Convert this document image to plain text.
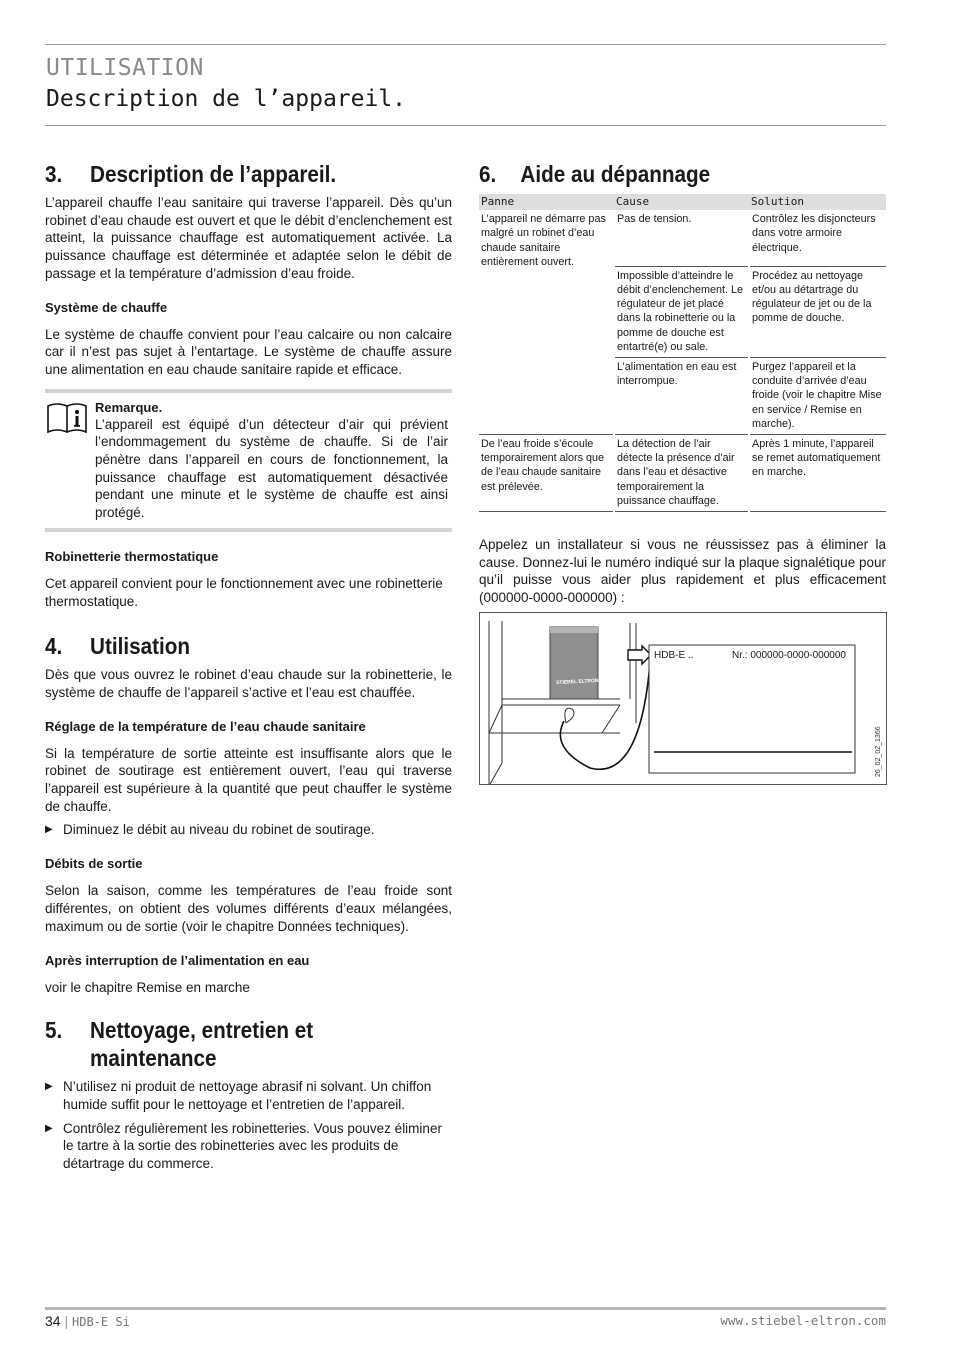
UTILISATION
Description de l’appareil.
3.	Description de l’appareil.

L’appareil chauffe l’eau sanitaire qui traverse l’appareil. Dès qu’un robinet d’eau chaude est ouvert et que le débit d’enclenchement est atteint, la puissance chauffage est automatiquement activée. La puissance chauffage est déterminée et adaptée selon le débit de passage et la température d’admission d’eau froide.

Système de chauffe

Le système de chauffe convient pour l’eau calcaire ou non calcaire car il n’est pas sujet à l’entartage. Le système de chauffe assure une alimentation en eau chaude sanitaire rapide et efficace.

Remarque.

L’appareil est équipé d’un détecteur d’air qui prévient l’endommagement du système de chauffe. Si de l’air pénètre dans l’appareil en cours de fonctionnement, la puissance chauffage est automatiquement désactivée pendant une minute et le système de chauffe est ainsi protégé.

Robinetterie thermostatique

Cet appareil convient pour le fonctionnement avec une robinetterie thermostatique.

4.	Utilisation

Dès que vous ouvrez le robinet d’eau chaude sur la robinetterie, le système de chauffe de l’appareil s’active et l’eau est chauffée.

Réglage de la température de l’eau chaude sanitaire

Si la température de sortie atteinte est insuffisante alors que le robinet de soutirage est entièrement ouvert, l’eau qui traverse l’appareil est supérieure à la quantité que peut chauffer le système de chauffe.

▶ Diminuez le débit au niveau du robinet de soutirage.
Débits de sortie

Selon la saison, comme les températures de l’eau froide sont différentes, on obtient des volumes différents d’eaux mélangées, maximum ou de sortie (voir le chapitre Données techniques).

Après interruption de l’alimentation en eau

voir le chapitre Remise en marche

5.	Nettoyage, entretien et
maintenance
▶ N’utilisez ni produit de nettoyage abrasif ni solvant. Un chiffon humide suffit pour le nettoyage et l’entretien de l’appareil.
▶ Contrôlez régulièrement les robinetteries. Vous pouvez éliminer le tartre à la sortie des robinetteries avec les produits de détartrage du commerce.
6.	Aide au dépannage
Panne	Cause	Solution
L’appareil ne démarre pas malgré un robinet d’eau chaude sanitaire entièrement ouvert.	Pas de tension.	Contrôlez les disjoncteurs dans votre armoire électrique.
	Impossible d’atteindre le débit d’enclenchement. Le régulateur de jet placé dans la robinetterie ou la pomme de douche est entartré(e) ou sale.	Procédez au nettoyage et/ou au détartrage du régulateur de jet ou de la pomme de douche.
	L’alimentation en eau est interrompue.	Purgez l’appareil et la conduite d’arrivée d’eau froide (voir le chapitre Mise en service / Remise en marche).
De l’eau froide s’écoule temporairement alors que de l’eau chaude sanitaire est prélevée.	La détection de l’air détecte la présence d’air dans l’eau et désactive temporairement la puissance chauffage.	Après 1 minute, l’appareil se remet automatiquement en marche.

Appelez un installateur si vous ne réussissez pas à éliminer la cause. Donnez-lui le numéro indiqué sur la plaque signalétique pour qu’il puisse vous aider plus rapidement et plus efficacement (000000-0000-000000) :

STIEBEL ELTRON
HDB-E ..	Nr.: 000000-0000-000000
26_02_02_1366
34 | HDB-E Si	www.stiebel-eltron.com
